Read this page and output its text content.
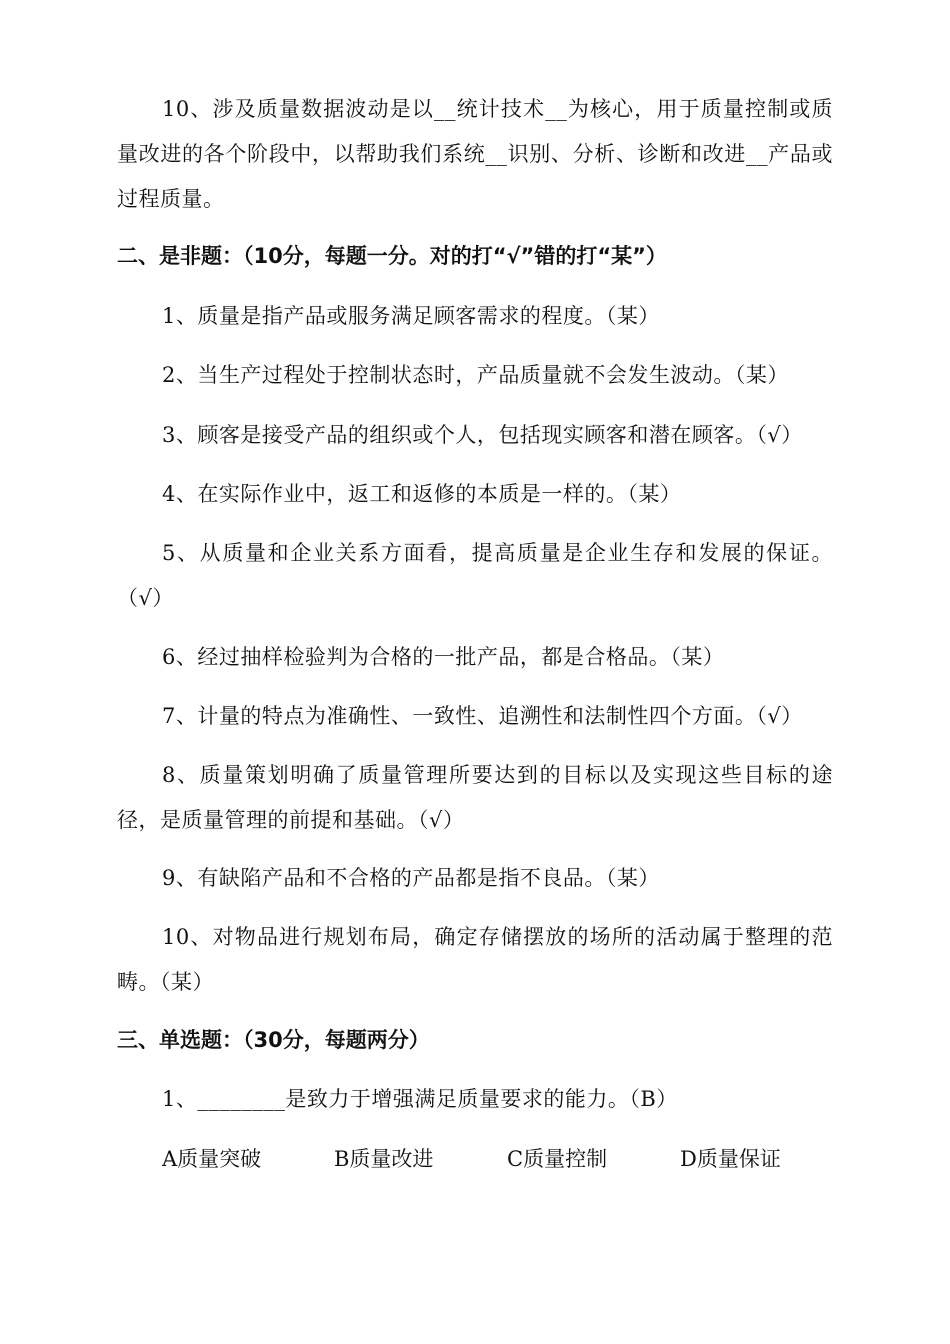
10、涉及质量数据波动是以__统计技术__为核心，用于质量控制或质量改进的各个阶段中，以帮助我们系统__识别、分析、诊断和改进__产品或过程质量。

二、是非题：（10分，每题一分。对的打“√”错的打“某”）

1、质量是指产品或服务满足顾客需求的程度。（某）

2、当生产过程处于控制状态时，产品质量就不会发生波动。（某）

3、顾客是接受产品的组织或个人，包括现实顾客和潜在顾客。（√）

4、在实际作业中，返工和返修的本质是一样的。（某）

5、从质量和企业关系方面看，提高质量是企业生存和发展的保证。（√）

6、经过抽样检验判为合格的一批产品，都是合格品。（某）

7、计量的特点为准确性、一致性、追溯性和法制性四个方面。（√）

8、质量策划明确了质量管理所要达到的目标以及实现这些目标的途径，是质量管理的前提和基础。（√）

9、有缺陷产品和不合格的产品都是指不良品。（某）

10、对物品进行规划布局，确定存储摆放的场所的活动属于整理的范畴。（某）

三、单选题：（30分，每题两分）

1、________是致力于增强满足质量要求的能力。（B）

A质量突破	B质量改进	C质量控制	D质量保证
